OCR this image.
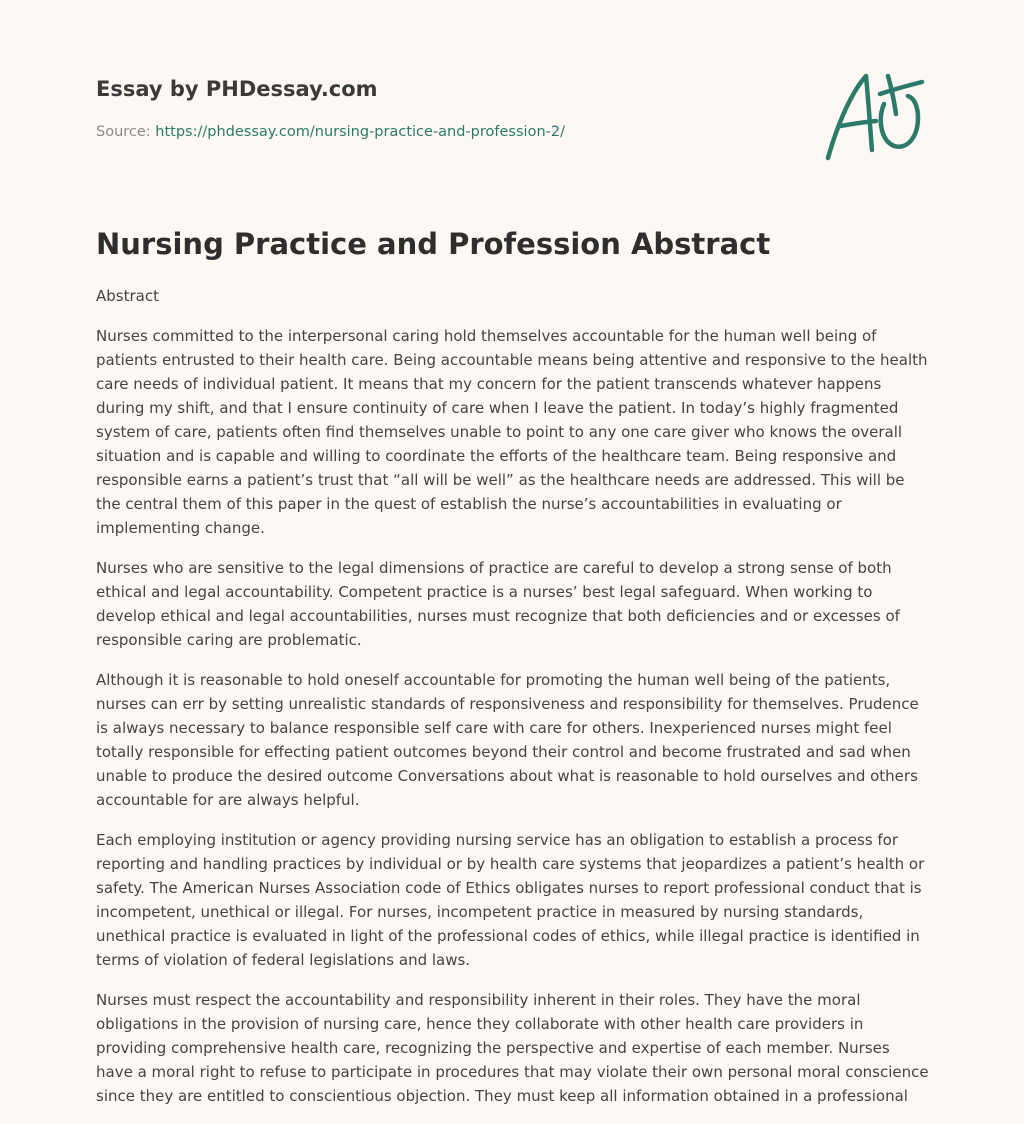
Essay by PHDessay.com
Source: https://phdessay.com/nursing-practice-and-profession-2/
Nursing Practice and Profession Abstract

Abstract

Nurses committed to the interpersonal caring hold themselves accountable for the human well being of patients entrusted to their health care. Being accountable means being attentive and responsive to the health care needs of individual patient. It means that my concern for the patient transcends whatever happens during my shift, and that I ensure continuity of care when I leave the patient. In today’s highly fragmented system of care, patients often find themselves unable to point to any one care giver who knows the overall situation and is capable and willing to coordinate the efforts of the healthcare team. Being responsive and responsible earns a patient’s trust that “all will be well” as the healthcare needs are addressed. This will be the central them of this paper in the quest of establish the nurse’s accountabilities in evaluating or implementing change.

Nurses who are sensitive to the legal dimensions of practice are careful to develop a strong sense of both ethical and legal accountability. Competent practice is a nurses’ best legal safeguard. When working to develop ethical and legal accountabilities, nurses must recognize that both deficiencies and or excesses of responsible caring are problematic.

Although it is reasonable to hold oneself accountable for promoting the human well being of the patients, nurses can err by setting unrealistic standards of responsiveness and responsibility for themselves. Prudence is always necessary to balance responsible self care with care for others. Inexperienced nurses might feel totally responsible for effecting patient outcomes beyond their control and become frustrated and sad when unable to produce the desired outcome Conversations about what is reasonable to hold ourselves and others accountable for are always helpful.

Each employing institution or agency providing nursing service has an obligation to establish a process for reporting and handling practices by individual or by health care systems that jeopardizes a patient’s health or safety. The American Nurses Association code of Ethics obligates nurses to report professional conduct that is incompetent, unethical or illegal. For nurses, incompetent practice in measured by nursing standards, unethical practice is evaluated in light of the professional codes of ethics, while illegal practice is identified in terms of violation of federal legislations and laws.

Nurses must respect the accountability and responsibility inherent in their roles. They have the moral obligations in the provision of nursing care, hence they collaborate with other health care providers in providing comprehensive health care, recognizing the perspective and expertise of each member. Nurses have a moral right to refuse to participate in procedures that may violate their own personal moral conscience since they are entitled to conscientious objection. They must keep all information obtained in a professional
